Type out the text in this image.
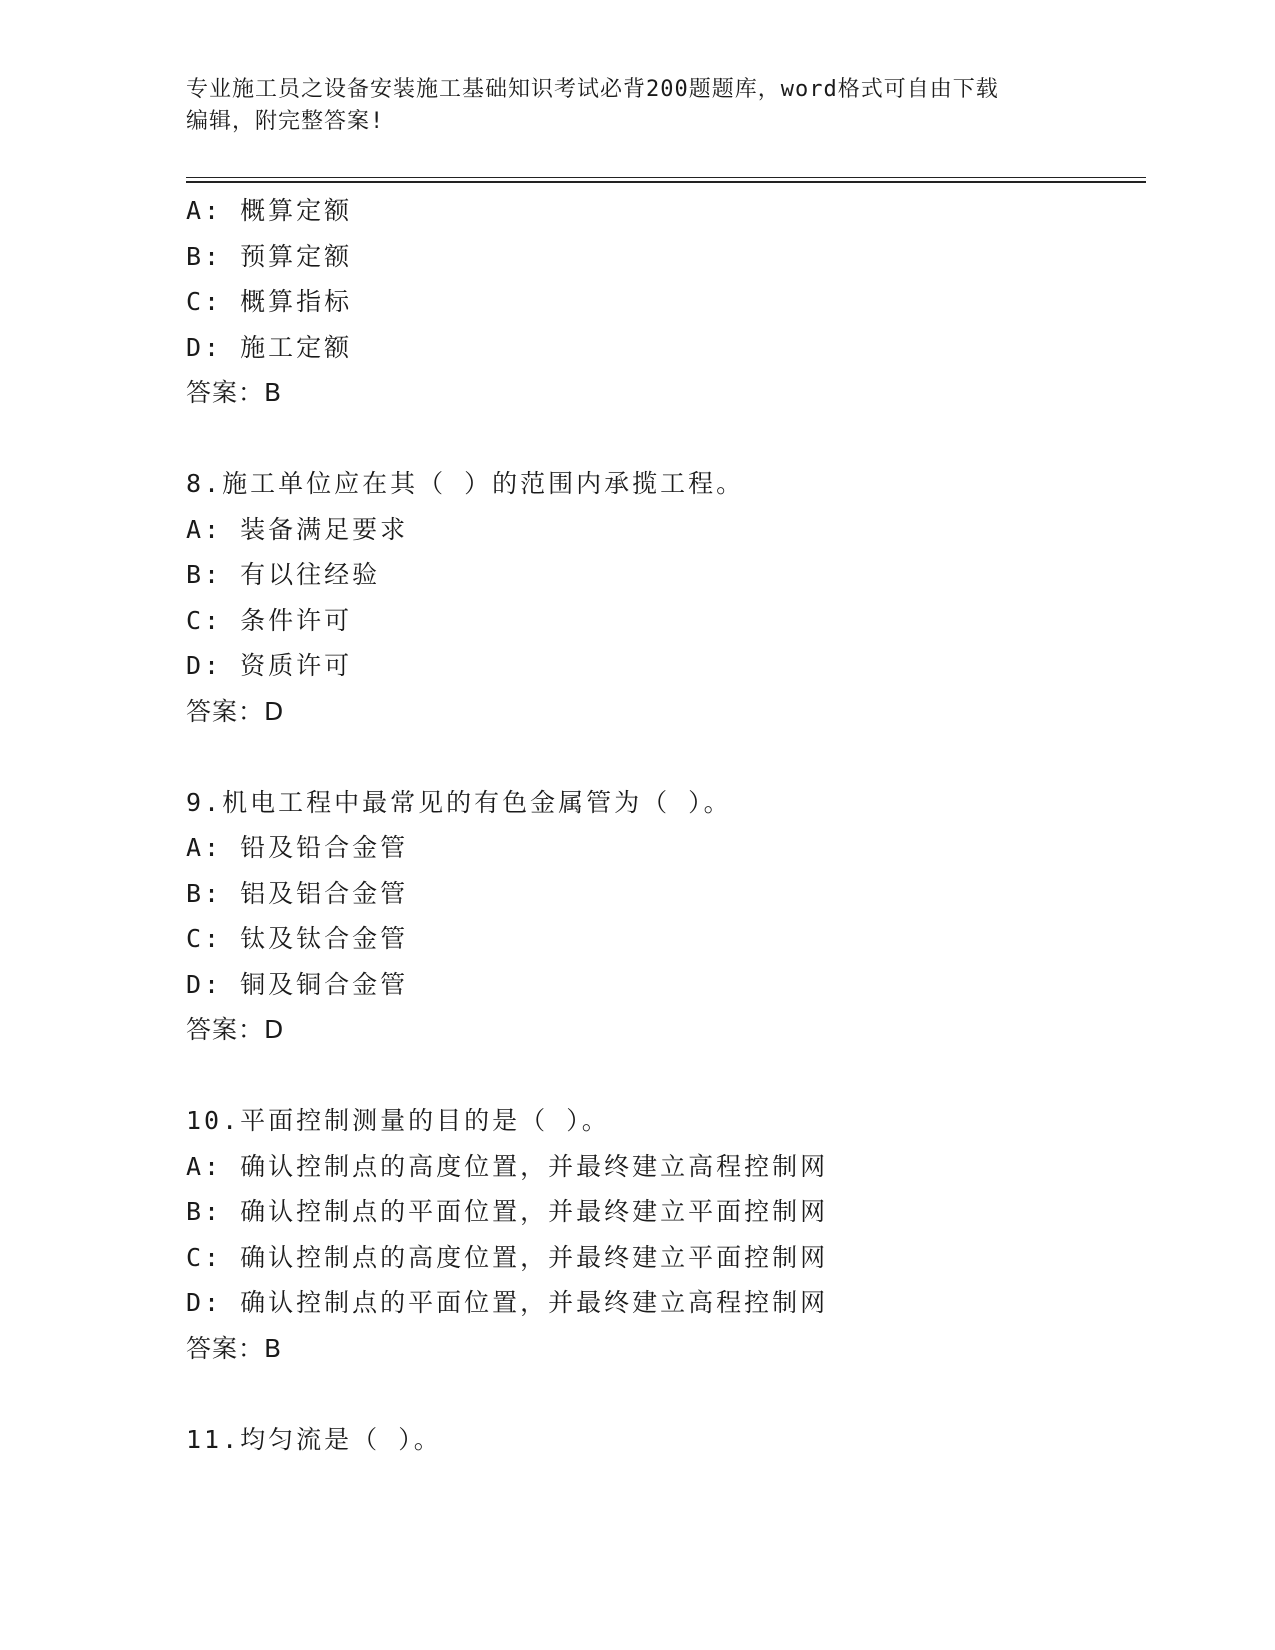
专业施工员之设备安装施工基础知识考试必背200题题库，word格式可自由下载
编辑，附完整答案!
A: 概算定额
B: 预算定额
C: 概算指标
D: 施工定额
答案：B
8.施工单位应在其（ ）的范围内承揽工程。
A: 装备满足要求
B: 有以往经验
C: 条件许可
D: 资质许可
答案：D
9.机电工程中最常见的有色金属管为（ ）。
A: 铅及铅合金管
B: 铝及铝合金管
C: 钛及钛合金管
D: 铜及铜合金管
答案：D
10.平面控制测量的目的是（ ）。
A: 确认控制点的高度位置，并最终建立高程控制网
B: 确认控制点的平面位置，并最终建立平面控制网
C: 确认控制点的高度位置，并最终建立平面控制网
D: 确认控制点的平面位置，并最终建立高程控制网
答案：B
11.均匀流是（ ）。
